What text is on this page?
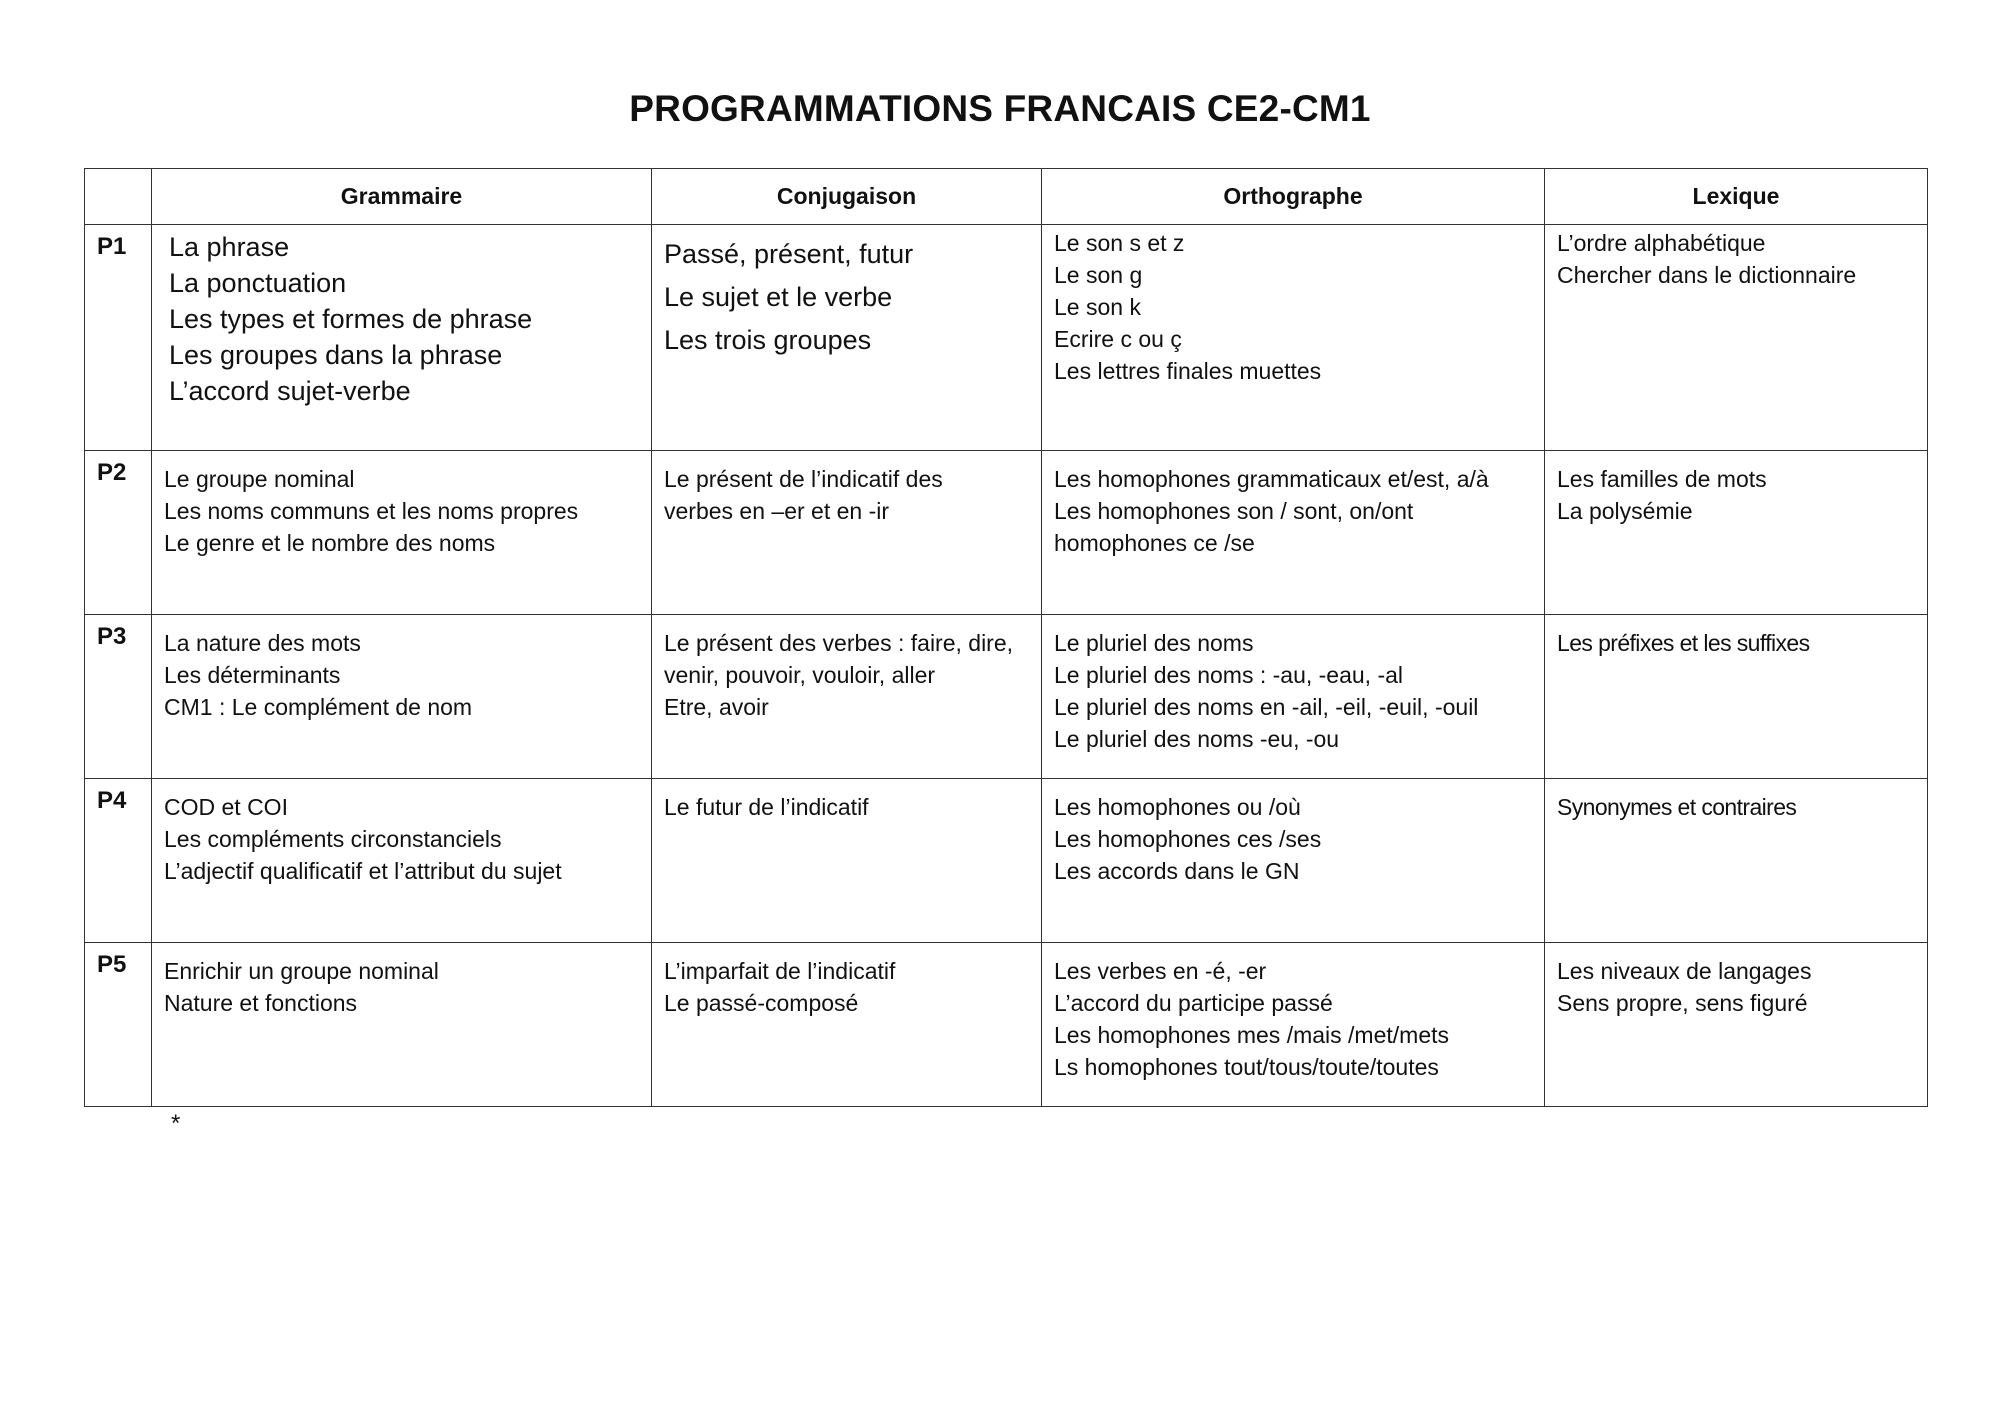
PROGRAMMATIONS FRANCAIS CE2-CM1
	Grammaire	Conjugaison	Orthographe	Lexique
P1	La phrase
La ponctuation
Les types et formes de phrase
Les groupes dans la phrase
L’accord sujet-verbe	Passé, présent, futur
Le sujet et le verbe
Les trois groupes	Le son s et z
Le son g
Le son k
Ecrire c ou ç
Les lettres finales muettes	L’ordre alphabétique
Chercher dans le dictionnaire

P2	Le groupe nominal
Les noms communs et les noms propres
Le genre et le nombre des noms	Le présent de l’indicatif des
verbes en –er et en -ir	Les homophones grammaticaux et/est, a/à
Les homophones son / sont, on/ont
homophones ce /se	Les familles de mots
La polysémie

P3	La nature des mots
Les déterminants
CM1 : Le complément de nom	Le présent des verbes : faire, dire,
venir, pouvoir, vouloir, aller
Etre, avoir	Le pluriel des noms
Le pluriel des noms : -au, -eau, -al
Le pluriel des noms en -ail, -eil, -euil, -ouil
Le pluriel des noms -eu, -ou	Les préfixes et les suffixes

P4	COD et COI
Les compléments circonstanciels
L’adjectif qualificatif et l’attribut du sujet	Le futur de l’indicatif	Les homophones ou /où
Les homophones ces /ses
Les accords dans le GN	Synonymes et contraires

P5	Enrichir un groupe nominal
Nature et fonctions	L’imparfait de l’indicatif
Le passé-composé	Les verbes en -é, -er
L’accord du participe passé
Les homophones mes /mais /met/mets
Ls homophones tout/tous/toute/toutes	Les niveaux de langages
Sens propre, sens figuré
*
